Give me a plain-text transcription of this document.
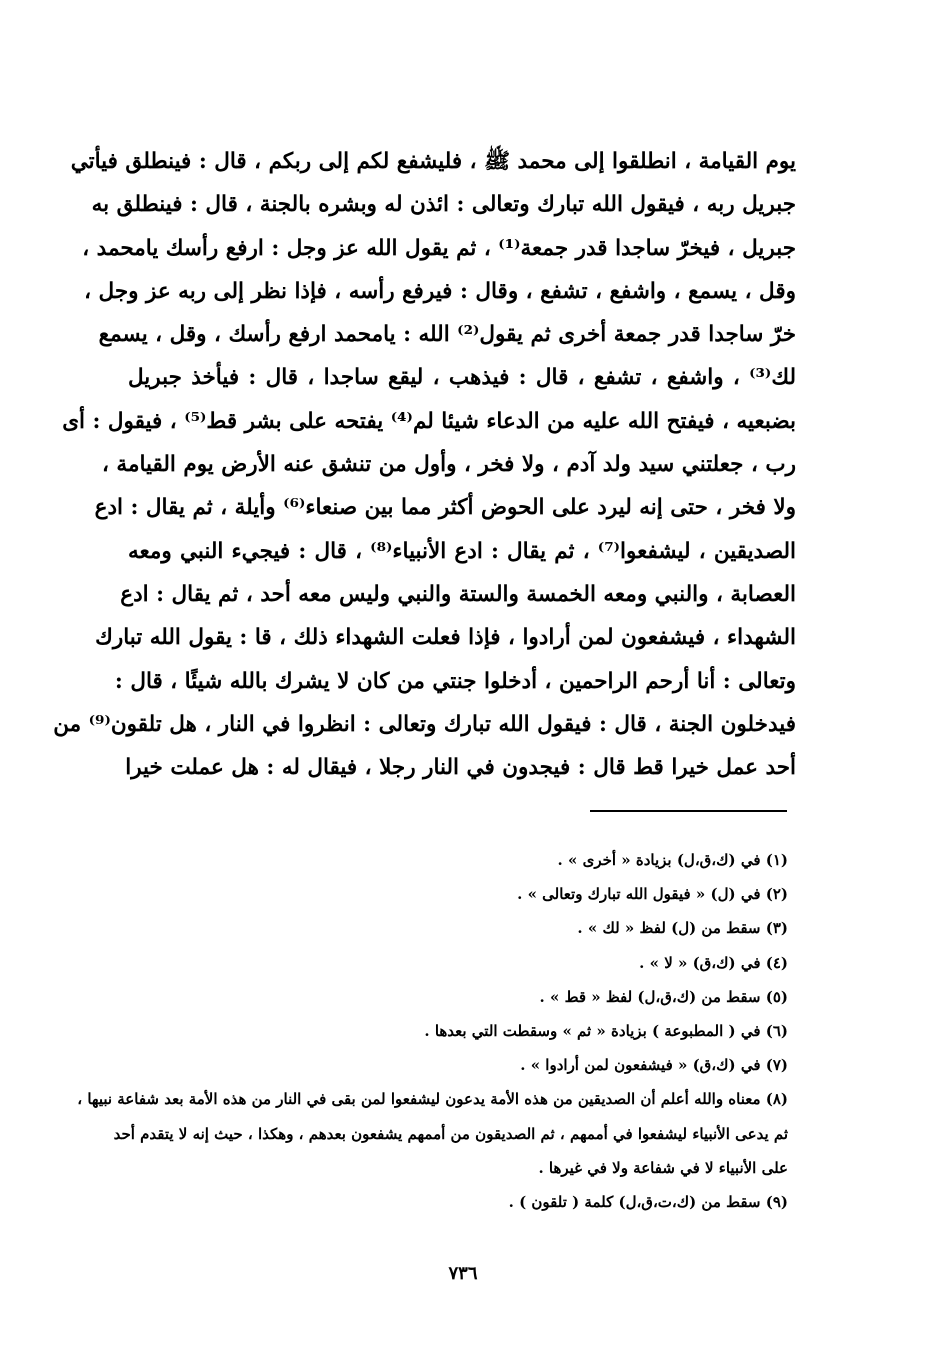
يوم القيامة ، انطلقوا إلى محمد ﷺ ، فليشفع لكم إلى ربكم ، قال : فينطلق فيأتي
جبريل ربه ، فيقول الله تبارك وتعالى : ائذن له وبشره بالجنة ، قال : فينطلق به
جبريل ، فيخرّ ساجدا قدر جمعة⁽¹⁾ ، ثم يقول الله عز وجل : ارفع رأسك يامحمد ،
وقل ، يسمع ، واشفع ، تشفع ، وقال : فيرفع رأسه ، فإذا نظر إلى ربه عز وجل ،
خرّ ساجدا قدر جمعة أخرى ثم يقول⁽²⁾ الله : يامحمد ارفع رأسك ، وقل ، يسمع
لك⁽³⁾ ، واشفع ، تشفع ، قال : فيذهب ، ليقع ساجدا ، قال : فيأخذ جبريل
بضبعيه ، فيفتح الله عليه من الدعاء شيئا لم⁽⁴⁾ يفتحه على بشر قط⁽⁵⁾ ، فيقول : أى
رب ، جعلتني سيد ولد آدم ، ولا فخر ، وأول من تنشق عنه الأرض يوم القيامة ،
ولا فخر ، حتى إنه ليرد على الحوض أكثر مما بين صنعاء⁽⁶⁾ وأيلة ، ثم يقال : ادع
الصديقين ، ليشفعوا⁽⁷⁾ ، ثم يقال : ادع الأنبياء⁽⁸⁾ ، قال : فيجيء النبي ومعه
العصابة ، والنبي ومعه الخمسة والستة والنبي وليس معه أحد ، ثم يقال : ادع
الشهداء ، فيشفعون لمن أرادوا ، فإذا فعلت الشهداء ذلك ، قا : يقول الله تبارك
وتعالى : أنا أرحم الراحمين ، أدخلوا جنتي من كان لا يشرك بالله شيئًا ، قال :
فيدخلون الجنة ، قال : فيقول الله تبارك وتعالى : انظروا في النار ، هل تلقون⁽⁹⁾ من
أحد عمل خيرا قط قال : فيجدون في النار رجلا ، فيقال له : هل عملت خيرا
(١) في (ك،ق،ل) بزيادة « أخرى » .
(٢) في (ل) « فيقول الله تبارك وتعالى » .
(٣) سقط من (ل) لفظ « لك » .
(٤) في (ك،ق) « لا » .
(٥) سقط من (ك،ق،ل) لفظ « قط » .
(٦) في ( المطبوعة ) بزيادة « ثم » وسقطت التي بعدها .
(٧) في (ك،ق) « فيشفعون لمن أرادوا » .
(٨) معناه والله أعلم أن الصديقين من هذه الأمة يدعون ليشفعوا لمن بقى في النار من هذه الأمة بعد شفاعة نبيها ،
ثم يدعى الأنبياء ليشفعوا في أممهم ، ثم الصديقون من أممهم يشفعون بعدهم ، وهكذا ، حيث إنه لا يتقدم أحد
على الأنبياء لا في شفاعة ولا في غيرها .
(٩) سقط من (ك،ت،ق،ل) كلمة ( تلقون ) .
٧٣٦
